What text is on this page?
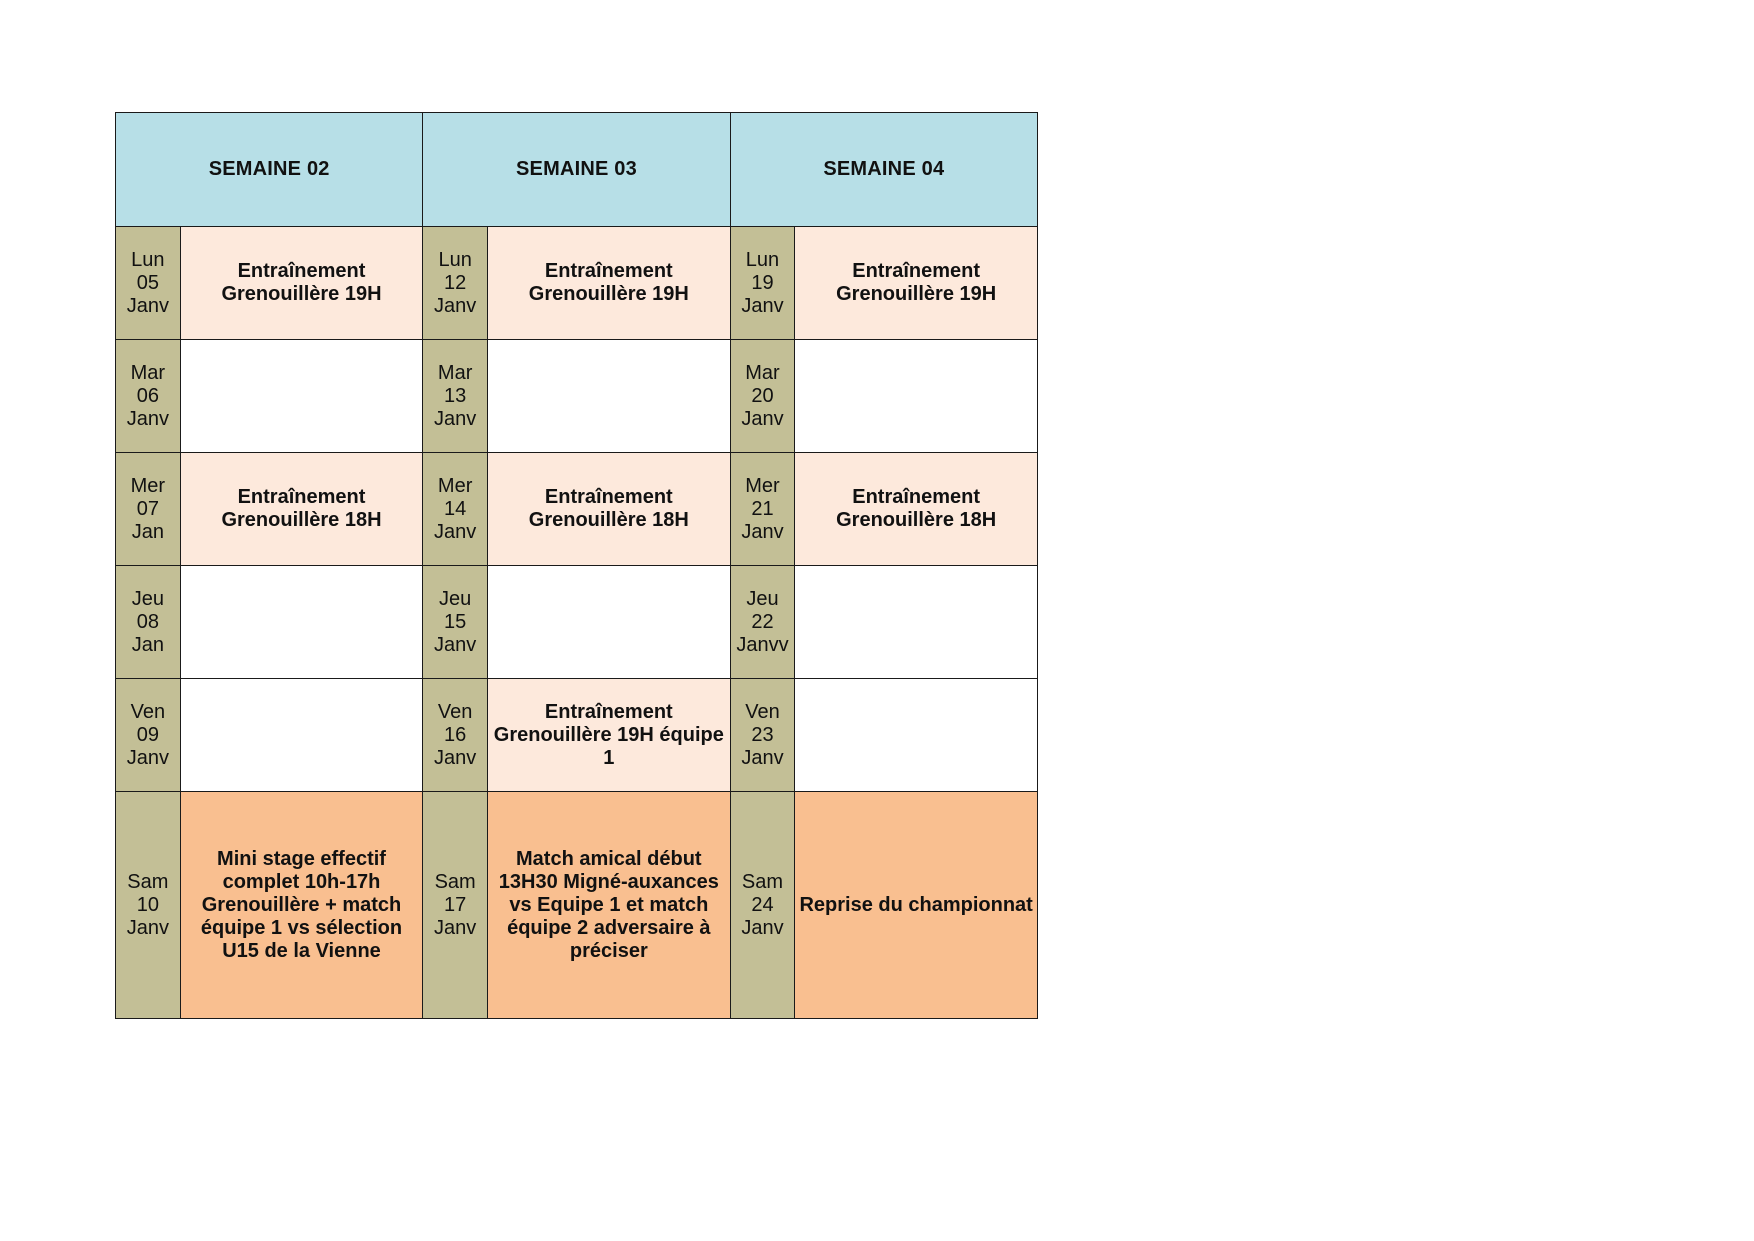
SEMAINE 02		SEMAINE 03		SEMAINE 04	
Lun 05 Janv	Entraînement Grenouillère 19H	Lun 12 Janv	Entraînement Grenouillère 19H	Lun 19 Janv	Entraînement Grenouillère 19H
Mar 06 Janv		Mar 13 Janv		Mar 20 Janv	
Mer 07 Jan	Entraînement Grenouillère 18H	Mer 14 Janv	Entraînement Grenouillère 18H	Mer 21 Janv	Entraînement Grenouillère 18H
Jeu 08 Jan		Jeu 15 Janv		Jeu 22 Janvv	
Ven 09 Janv		Ven 16 Janv	Entraînement Grenouillère 19H équipe 1	Ven 23 Janv	
Sam 10 Janv	Mini stage effectif complet 10h-17h Grenouillère + match équipe 1 vs sélection U15 de la Vienne	Sam 17 Janv	Match amical début 13H30 Migné-auxances vs Equipe 1 et match équipe 2 adversaire à préciser	Sam 24 Janv	Reprise du championnat
